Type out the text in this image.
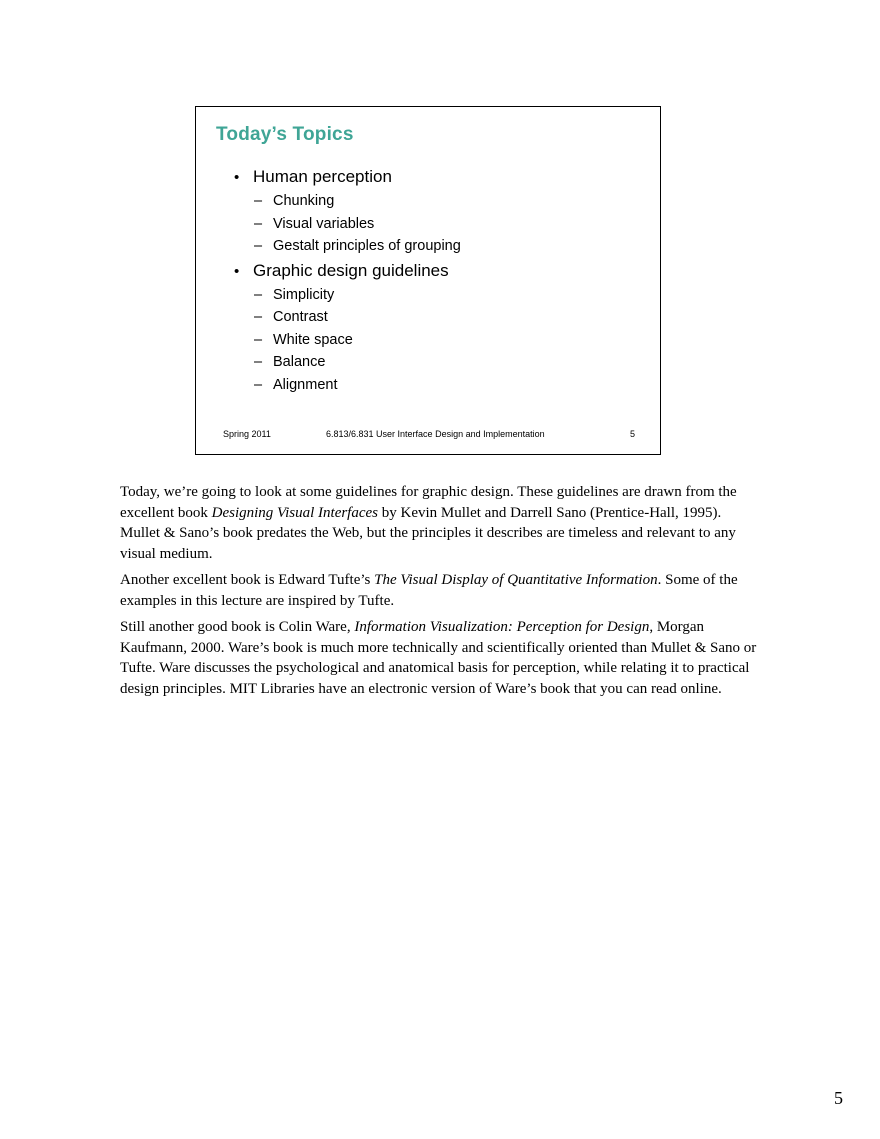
Today’s Topics
• Human perception
– Chunking
– Visual variables
– Gestalt principles of grouping
• Graphic design guidelines
– Simplicity
– Contrast
– White space
– Balance
– Alignment
Spring 2011	6.813/6.831 User Interface Design and Implementation	5

Today, we’re going to look at some guidelines for graphic design. These guidelines are drawn from the excellent book Designing Visual Interfaces by Kevin Mullet and Darrell Sano (Prentice-Hall, 1995). Mullet & Sano’s book predates the Web, but the principles it describes are timeless and relevant to any visual medium.

Another excellent book is Edward Tufte’s The Visual Display of Quantitative Information. Some of the examples in this lecture are inspired by Tufte.

Still another good book is Colin Ware, Information Visualization: Perception for Design, Morgan Kaufmann, 2000. Ware’s book is much more technically and scientifically oriented than Mullet & Sano or Tufte. Ware discusses the psychological and anatomical basis for perception, while relating it to practical design principles. MIT Libraries have an electronic version of Ware’s book that you can read online.

5
